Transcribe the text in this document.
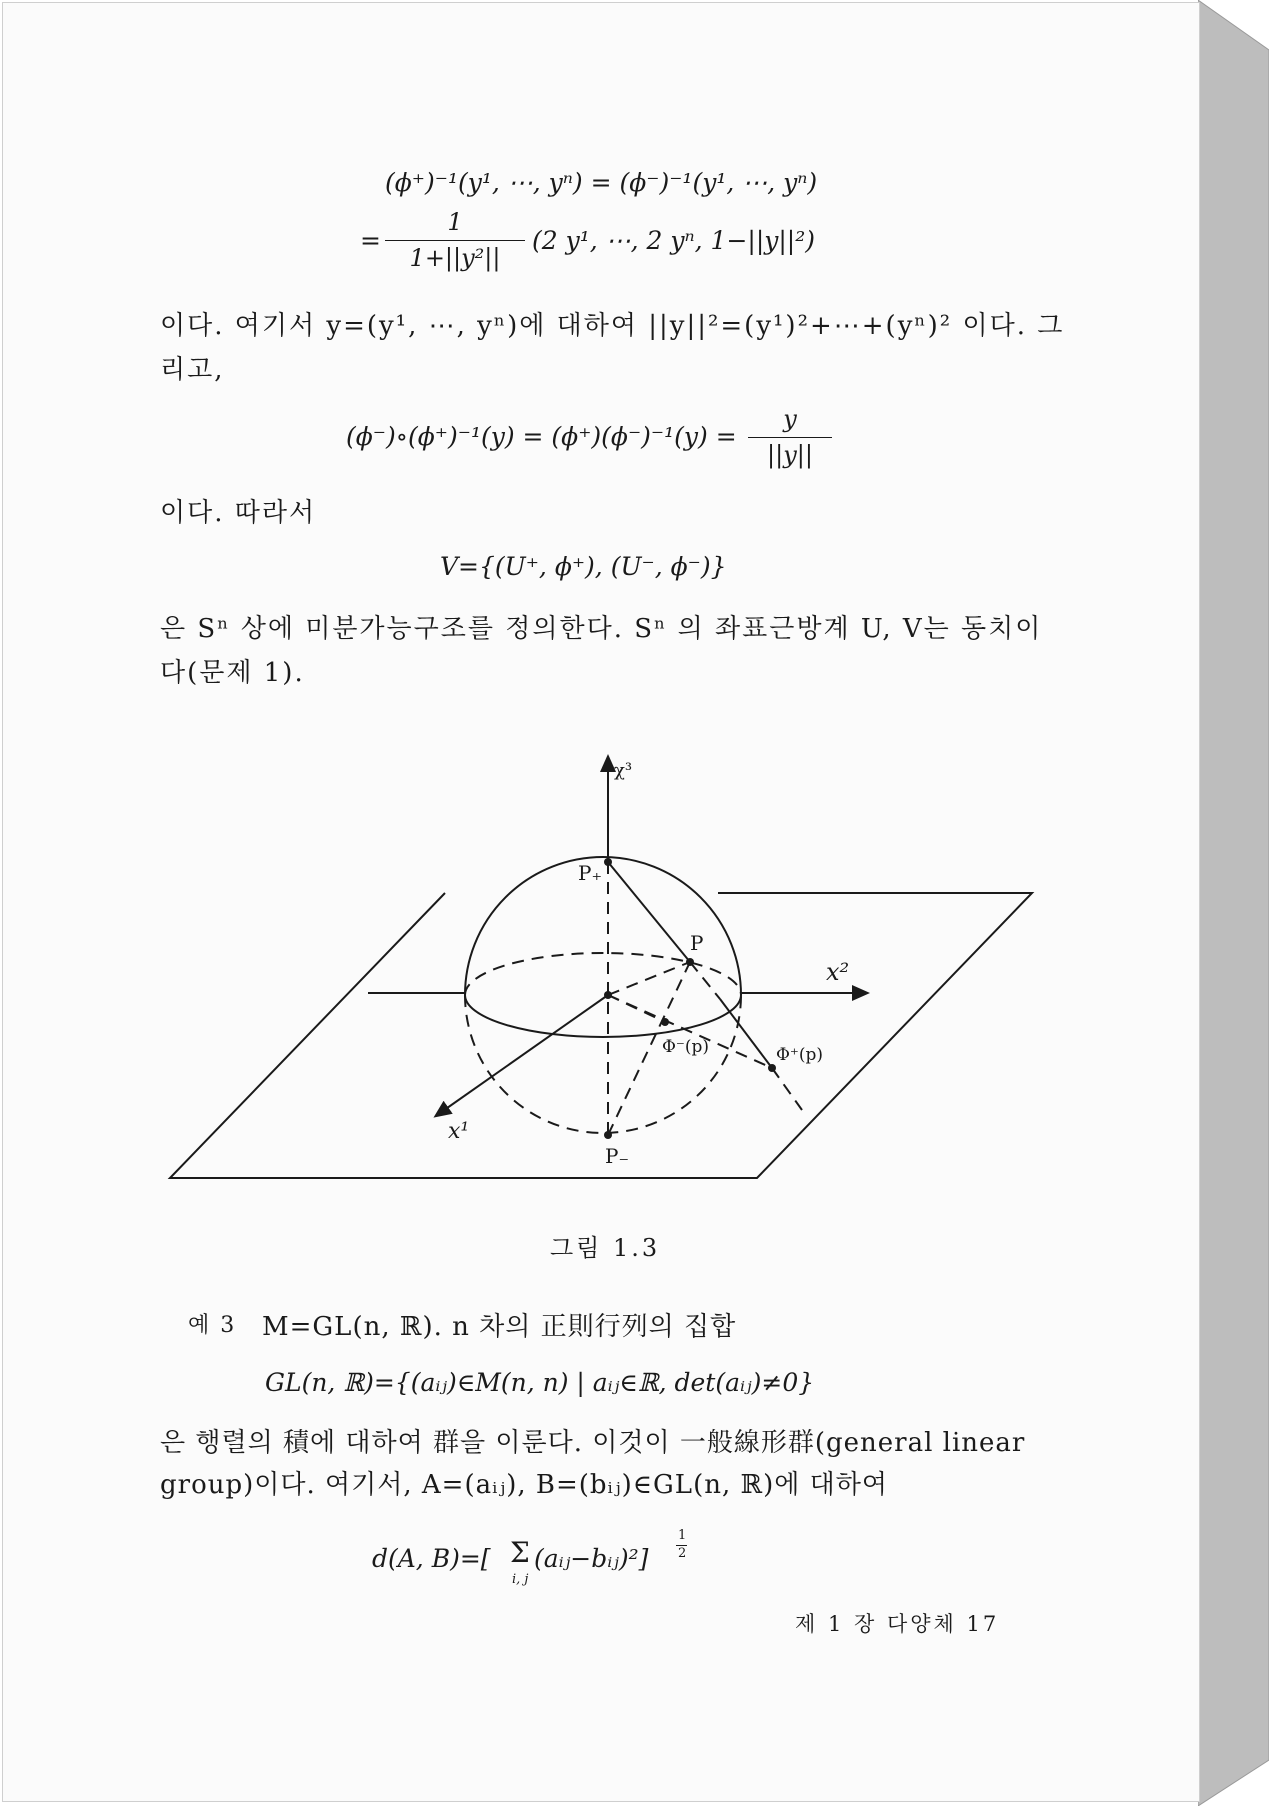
(ϕ⁺)⁻¹(y¹, ⋯, yⁿ) = (ϕ⁻)⁻¹(y¹, ⋯, yⁿ)
=
1
1+||y²||
(2 y¹, ⋯, 2 yⁿ, 1−||y||²)
이다. 여기서 y=(y¹, ⋯, yⁿ)에 대하여 ||y||²=(y¹)²+⋯+(yⁿ)² 이다. 그
리고,
(ϕ⁻)∘(ϕ⁺)⁻¹(y) = (ϕ⁺)(ϕ⁻)⁻¹(y) =
y
||y||
이다. 따라서
V={(U⁺, ϕ⁺), (U⁻, ϕ⁻)}
은 Sⁿ 상에 미분가능구조를 정의한다. Sⁿ 의 좌표근방계 U, V는 동치이
다(문제 1).
χ³
P₊
P
x²
Φ⁻(p)	Φ⁺(p)
x¹
P₋
그림 1.3
예 3 M=GL(n, ℝ). n 차의 正則行列의 집합
GL(n, ℝ)={(aᵢⱼ)∈M(n, n) | aᵢⱼ∈ℝ, det(aᵢⱼ)≠0}
은 행렬의 積에 대하여 群을 이룬다. 이것이 一般線形群(general linear
group)이다. 여기서, A=(aᵢⱼ), B=(bᵢⱼ)∈GL(n, ℝ)에 대하여
d(A, B)=[ Σ
i, j
(aᵢⱼ−bᵢⱼ)²]
1
2
제 1 장 다양체 17
